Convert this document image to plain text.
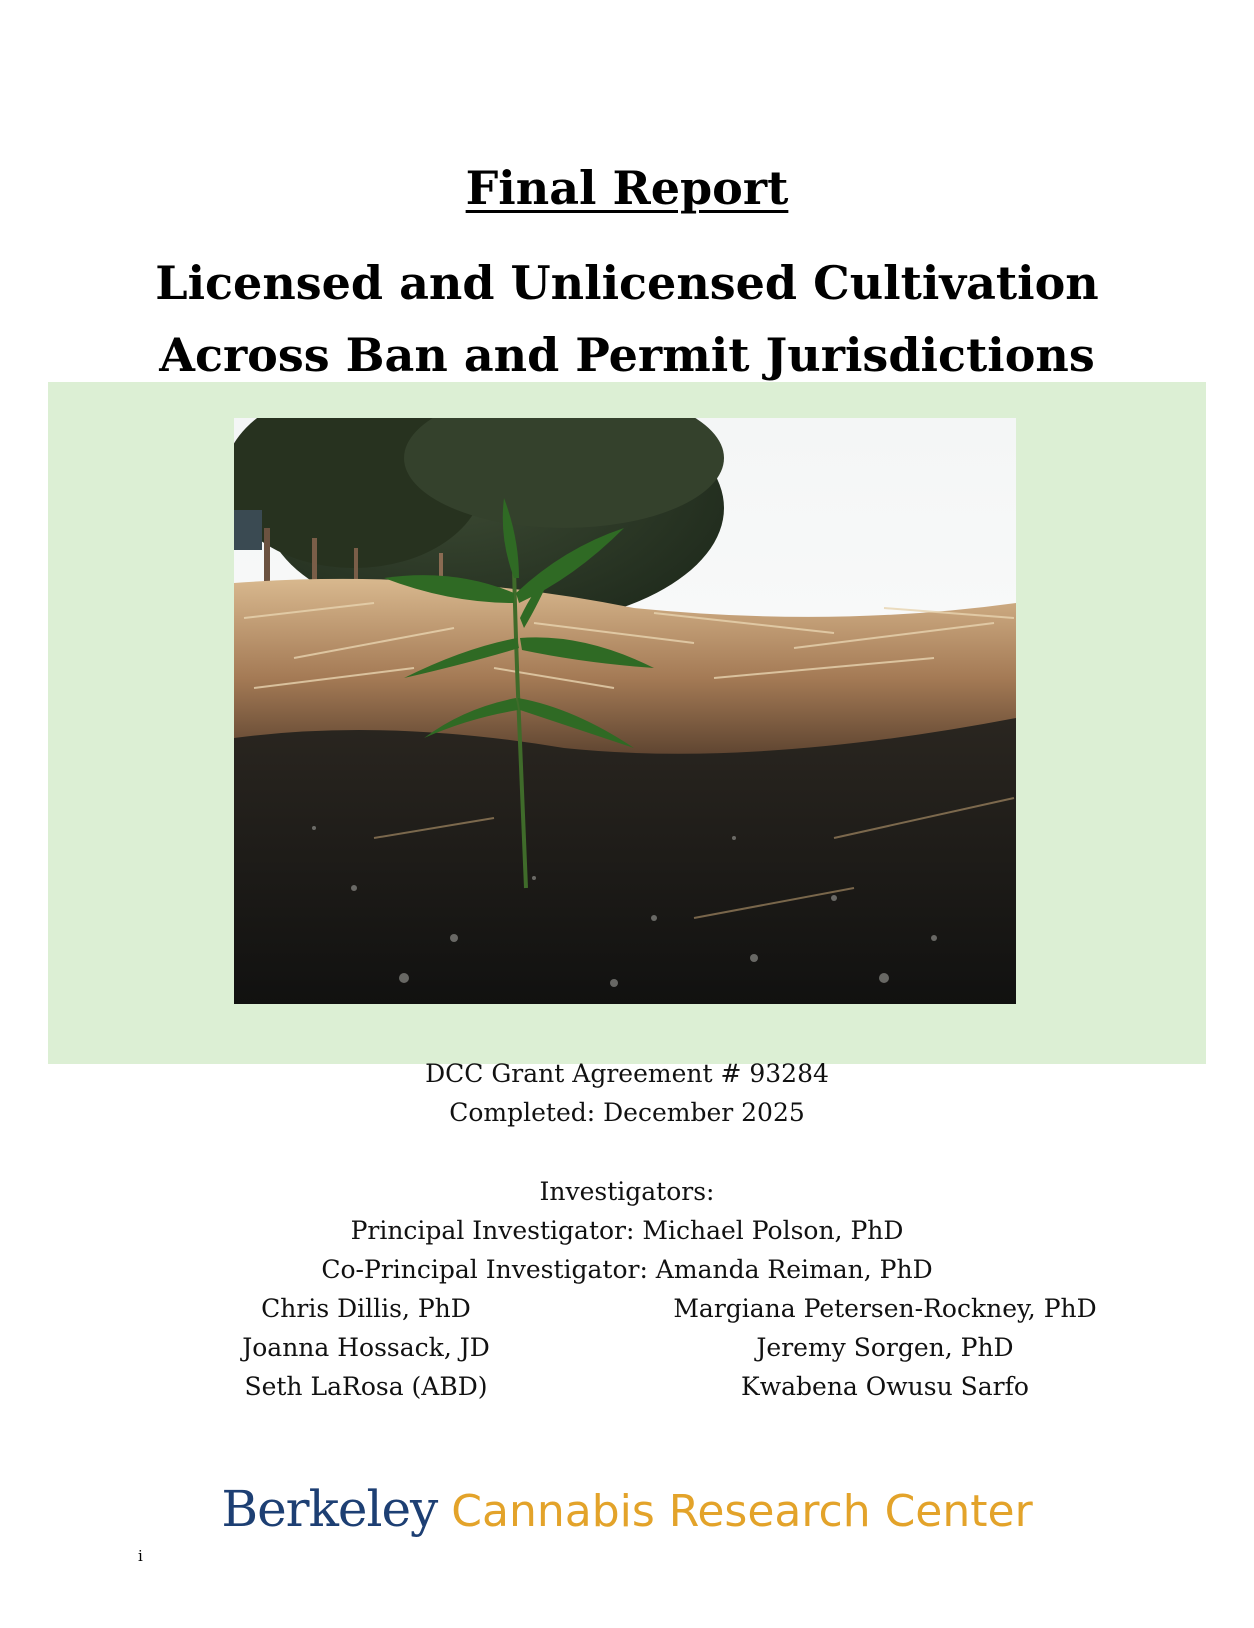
Final Report
Licensed and Unlicensed Cultivation
Across Ban and Permit Jurisdictions
DCC Grant Agreement # 93284
Completed: December 2025
Investigators:
Principal Investigator: Michael Polson, PhD
Co-Principal Investigator: Amanda Reiman, PhD
Chris Dillis, PhD
Joanna Hossack, JD
Seth LaRosa (ABD)
Margiana Petersen-Rockney, PhD
Jeremy Sorgen, PhD
Kwabena Owusu Sarfo
Berkeley Cannabis Research Center
i
